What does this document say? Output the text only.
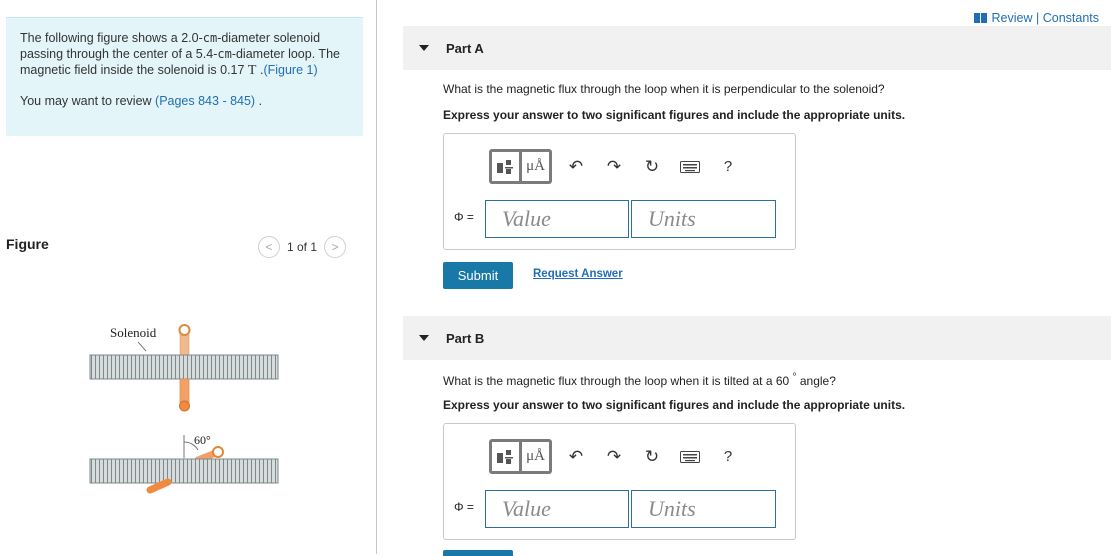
The following figure shows a 2.0-cm-diameter solenoid passing through the center of a 5.4-cm-diameter loop. The magnetic field inside the solenoid is 0.17 T .(Figure 1)

You may want to review (Pages 843 - 845) .

Figure	<	1 of 1	>
Solenoid
60°
Review | Constants
Part A
What is the magnetic flux through the loop when it is perpendicular to the solenoid?
Express your answer to two significant figures and include the appropriate units.
μÅ	↶	↷	↻	?
Φ =	Value	Units
Submit	Request Answer
Part B
What is the magnetic flux through the loop when it is tilted at a 60 ° angle?
Express your answer to two significant figures and include the appropriate units.
μÅ	↶	↷	↻	?
Φ =	Value	Units
